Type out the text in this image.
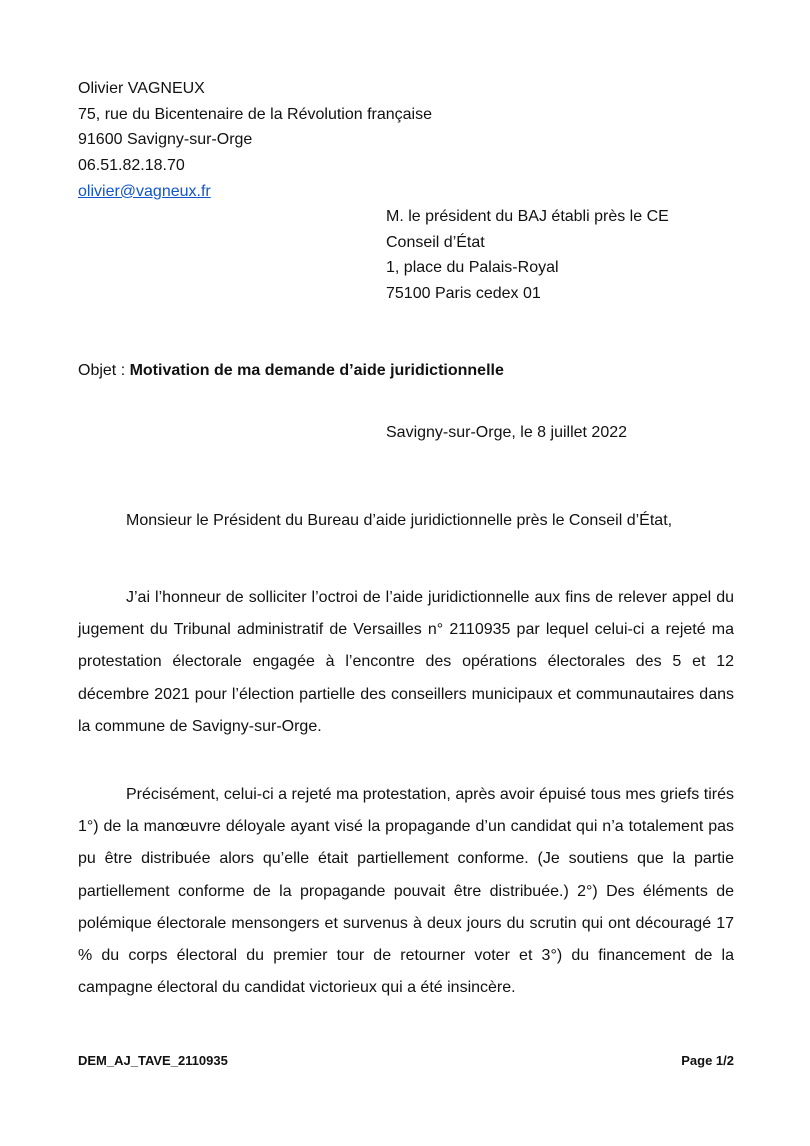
Olivier VAGNEUX
75, rue du Bicentenaire de la Révolution française
91600 Savigny-sur-Orge
06.51.82.18.70
olivier@vagneux.fr
M. le président du BAJ établi près le CE
Conseil d’État
1, place du Palais-Royal
75100 Paris cedex 01
Objet : Motivation de ma demande d’aide juridictionnelle
Savigny-sur-Orge, le 8 juillet 2022
Monsieur le Président du Bureau d’aide juridictionnelle près le Conseil d’État,

J’ai l’honneur de solliciter l’octroi de l’aide juridictionnelle aux fins de relever appel du jugement du Tribunal administratif de Versailles n° 2110935 par lequel celui-ci a rejeté ma protestation électorale engagée à l’encontre des opérations électorales des 5 et 12 décembre 2021 pour l’élection partielle des conseillers municipaux et communautaires dans la commune de Savigny-sur-Orge.

Précisément, celui-ci a rejeté ma protestation, après avoir épuisé tous mes griefs tirés 1°) de la manœuvre déloyale ayant visé la propagande d’un candidat qui n’a totalement pas pu être distribuée alors qu’elle était partiellement conforme. (Je soutiens que la partie partiellement conforme de la propagande pouvait être distribuée.) 2°) Des éléments de polémique électorale mensongers et survenus à deux jours du scrutin qui ont découragé 17 % du corps électoral du premier tour de retourner voter et 3°) du financement de la campagne électoral du candidat victorieux qui a été insincère.

DEM_AJ_TAVE_2110935	Page 1/2
